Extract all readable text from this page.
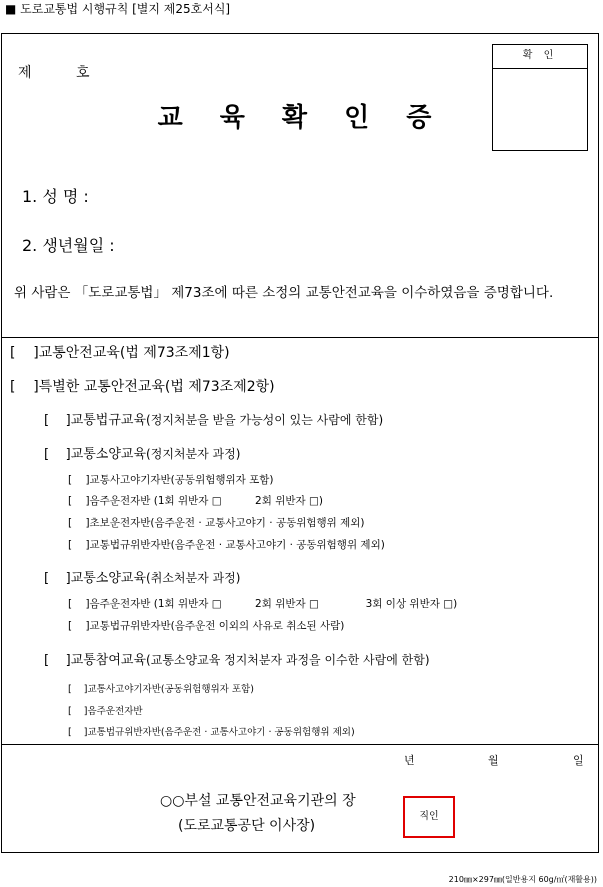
■ 도로교통법 시행규칙 [별지 제25호서식]
제          호
확 인
교 육 확 인 증
1. 성 명 :
2. 생년월일 :
위 사람은 「도로교통법」 제73조에 따른 소정의 교통안전교육을 이수하였음을 증명합니다.
[    ]교통안전교육(법 제73조제1항)
[    ]특별한 교통안전교육(법 제73조제2항)
[    ]교통법규교육(정지처분을 받을 가능성이 있는 사람에 한함)
[    ]교통소양교육(정지처분자 과정)
[    ]교통사고야기자반(공동위험행위자 포함)
[    ]음주운전자반 (1회 위반자 □          2회 위반자 □)
[    ]초보운전자반(음주운전 · 교통사고야기 · 공동위험행위 제외)
[    ]교통법규위반자반(음주운전 · 교통사고야기 · 공동위험행위 제외)
[    ]교통소양교육(취소처분자 과정)
[    ]음주운전자반 (1회 위반자 □          2회 위반자 □              3회 이상 위반자 □)
[    ]교통법규위반자반(음주운전 이외의 사유로 취소된 사람)
[    ]교통참여교육(교통소양교육 정지처분자 과정을 이수한 사람에 한함)
[    ]교통사고야기자반(공동위험행위자 포함)
[    ]음주운전자반
[    ]교통법규위반자반(음주운전 · 교통사고야기 · 공동위험행위 제외)
년	월	일
○○부설 교통안전교육기관의 장
(도로교통공단 이사장)
직인
210㎜×297㎜(일반용지 60g/㎡(재활용))
